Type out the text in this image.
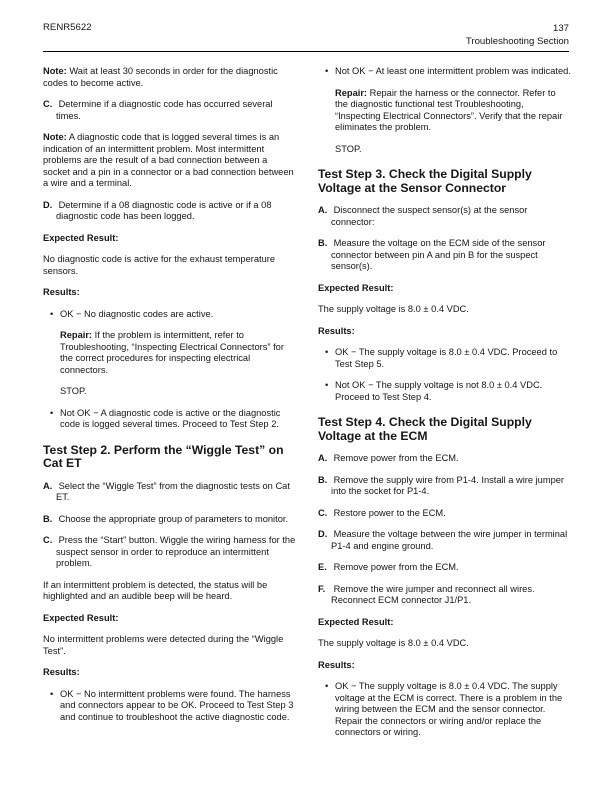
RENR5622	137
Troubleshooting Section
Note: Wait at least 30 seconds in order for the diagnostic codes to become active.
C. Determine if a diagnostic code has occurred several times.
Note: A diagnostic code that is logged several times is an indication of an intermittent problem. Most intermittent problems are the result of a bad connection between a socket and a pin in a connector or a bad connection between a wire and a terminal.
D. Determine if a 08 diagnostic code is active or if a 08 diagnostic code has been logged.
Expected Result:
No diagnostic code is active for the exhaust temperature sensors.
Results:
• OK − No diagnostic codes are active.
Repair: If the problem is intermittent, refer to Troubleshooting, “Inspecting Electrical Connectors” for the correct procedures for inspecting electrical connectors.
STOP.
• Not OK − A diagnostic code is active or the diagnostic code is logged several times. Proceed to Test Step 2.
Test Step 2. Perform the “Wiggle Test” on Cat ET
A. Select the “Wiggle Test” from the diagnostic tests on Cat ET.
B. Choose the appropriate group of parameters to monitor.
C. Press the “Start” button. Wiggle the wiring harness for the suspect sensor in order to reproduce an intermittent problem.
If an intermittent problem is detected, the status will be highlighted and an audible beep will be heard.
Expected Result:
No intermittent problems were detected during the “Wiggle Test”.
Results:
• OK − No intermittent problems were found. The harness and connectors appear to be OK. Proceed to Test Step 3 and continue to troubleshoot the active diagnostic code.
• Not OK − At least one intermittent problem was indicated.
Repair: Repair the harness or the connector. Refer to the diagnostic functional test Troubleshooting, “Inspecting Electrical Connectors”. Verify that the repair eliminates the problem.
STOP.
Test Step 3. Check the Digital Supply Voltage at the Sensor Connector
A. Disconnect the suspect sensor(s) at the sensor connector:
B. Measure the voltage on the ECM side of the sensor connector between pin A and pin B for the suspect sensor(s).
Expected Result:
The supply voltage is 8.0 ± 0.4 VDC.
Results:
• OK − The supply voltage is 8.0 ± 0.4 VDC. Proceed to Test Step 5.
• Not OK − The supply voltage is not 8.0 ± 0.4 VDC. Proceed to Test Step 4.
Test Step 4. Check the Digital Supply Voltage at the ECM
A. Remove power from the ECM.
B. Remove the supply wire from P1-4. Install a wire jumper into the socket for P1-4.
C. Restore power to the ECM.
D. Measure the voltage between the wire jumper in terminal P1-4 and engine ground.
E. Remove power from the ECM.
F. Remove the wire jumper and reconnect all wires. Reconnect ECM connector J1/P1.
Expected Result:
The supply voltage is 8.0 ± 0.4 VDC.
Results:
• OK − The supply voltage is 8.0 ± 0.4 VDC. The supply voltage at the ECM is correct. There is a problem in the wiring between the ECM and the sensor connector. Repair the connectors or wiring and/or replace the connectors or wiring.
